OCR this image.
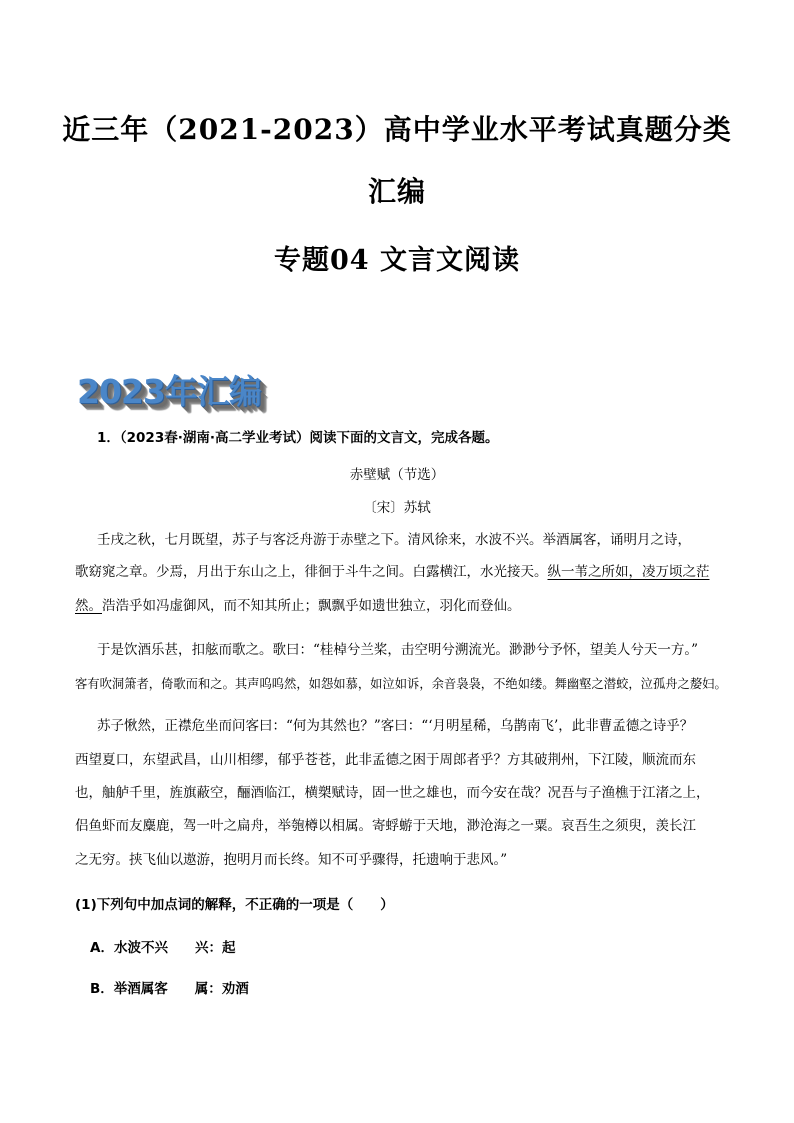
近三年（2021-2023）高中学业水平考试真题分类
汇编
专题04 文言文阅读
2023年汇编
1．（2023春·湖南·高二学业考试）阅读下面的文言文，完成各题。
赤壁赋（节选）
〔宋〕苏轼
壬戌之秋，七月既望，苏子与客泛舟游于赤壁之下。清风徐来，水波不兴。举酒属客，诵明月之诗，
歌窈窕之章。少焉，月出于东山之上，徘徊于斗牛之间。白露横江，水光接天。纵一苇之所如，凌万顷之茫
然。浩浩乎如冯虚御风，而不知其所止；飘飘乎如遗世独立，羽化而登仙。
于是饮酒乐甚，扣舷而歌之。歌曰：“桂棹兮兰桨，击空明兮溯流光。渺渺兮予怀，望美人兮天一方。”
客有吹洞箫者，倚歌而和之。其声呜呜然，如怨如慕，如泣如诉，余音袅袅，不绝如缕。舞幽壑之潜蛟，泣孤舟之嫠妇。
苏子愀然，正襟危坐而问客曰：“何为其然也？”客曰：“‘月明星稀，乌鹊南飞’，此非曹孟德之诗乎？
西望夏口，东望武昌，山川相缪，郁乎苍苍，此非孟德之困于周郎者乎？方其破荆州，下江陵，顺流而东
也，舳舻千里，旌旗蔽空，酾酒临江，横槊赋诗，固一世之雄也，而今安在哉？况吾与子渔樵于江渚之上，
侣鱼虾而友麋鹿，驾一叶之扁舟，举匏樽以相属。寄蜉蝣于天地，渺沧海之一粟。哀吾生之须臾，羡长江
之无穷。挟飞仙以遨游，抱明月而长终。知不可乎骤得，托遗响于悲风。”
(1)下列句中加点词的解释，不正确的一项是（　　）
A．水波不兴　　兴：起
B．举酒属客　　属：劝酒
